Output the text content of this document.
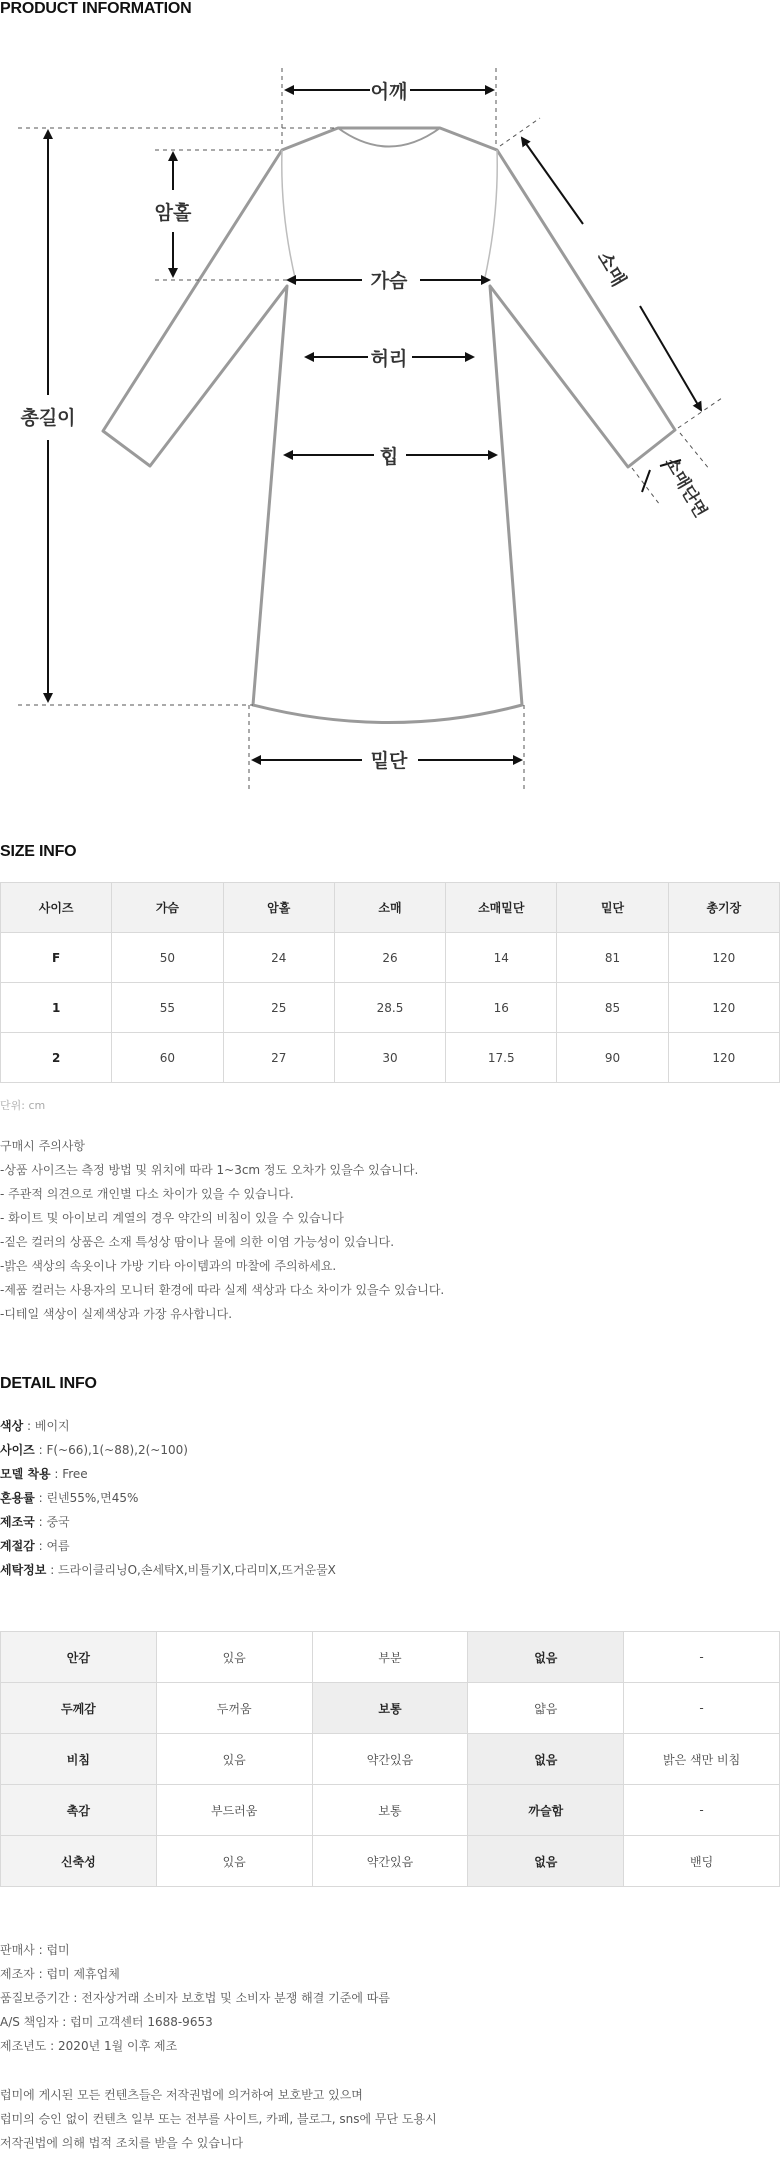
PRODUCT INFORMATION
어깨
암홀
총길이
가슴
허리
힙
밑단
소매
소매단면
SIZE INFO
사이즈	가슴	암홀	소매	소매밑단	밑단	총기장
F	50	24	26	14	81	120
1	55	25	28.5	16	85	120
2	60	27	30	17.5	90	120
단위: cm
구매시 주의사항
-상품 사이즈는 측정 방법 및 위치에 따라 1~3cm 정도 오차가 있을수 있습니다.
- 주관적 의견으로 개인별 다소 차이가 있을 수 있습니다.
- 화이트 및 아이보리 계열의 경우 약간의 비침이 있을 수 있습니다
-짙은 컬러의 상품은 소재 특성상 땀이나 물에 의한 이염 가능성이 있습니다.
-밝은 색상의 속옷이나 가방 기타 아이템과의 마찰에 주의하세요.
-제품 컬러는 사용자의 모니터 환경에 따라 실제 색상과 다소 차이가 있을수 있습니다.
-디테일 색상이 실제색상과 가장 유사합니다.
DETAIL INFO
색상 : 베이지
사이즈 : F(~66),1(~88),2(~100)
모델 착용 : Free
혼용률 : 린넨55%,면45%
제조국 : 중국
계절감 : 여름
세탁정보 : 드라이클리닝O,손세탁X,비틀기X,다리미X,뜨거운물X
안감	있음	부분	없음	-
두께감	두꺼움	보통	얇음	-
비침	있음	약간있음	없음	밝은 색만 비침
촉감	부드러움	보통	까슬함	-
신축성	있음	약간있음	없음	밴딩
판매사 : 럽미
제조자 : 럽미 제휴업체
품질보증기간 : 전자상거래 소비자 보호법 및 소비자 분쟁 해결 기준에 따름
A/S 책임자 : 럽미 고객센터 1688-9653
제조년도 : 2020년 1월 이후 제조
럽미에 게시된 모든 컨텐츠들은 저작권법에 의거하여 보호받고 있으며
럽미의 승인 없이 컨텐츠 일부 또는 전부를 사이트, 카페, 블로그, sns에 무단 도용시
저작권법에 의해 법적 조치를 받을 수 있습니다
